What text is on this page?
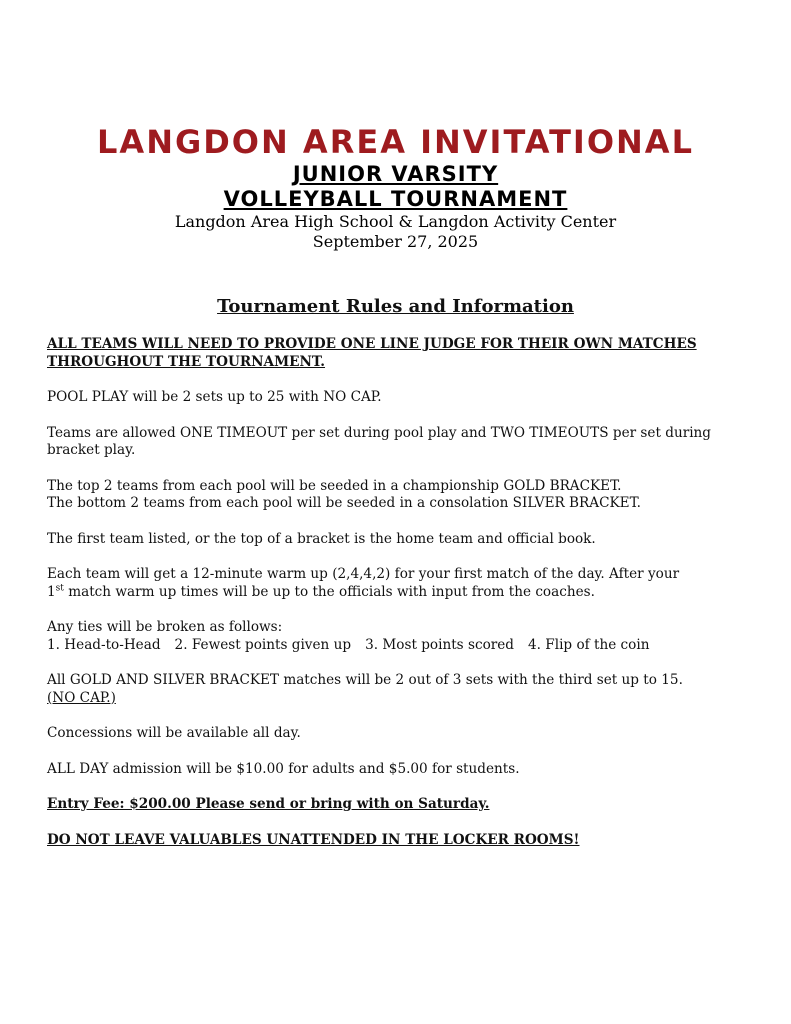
LANGDON AREA INVITATIONAL
JUNIOR VARSITY
VOLLEYBALL TOURNAMENT
Langdon Area High School & Langdon Activity Center
September 27, 2025
Tournament Rules and Information

ALL TEAMS WILL NEED TO PROVIDE ONE LINE JUDGE FOR THEIR OWN MATCHES THROUGHOUT THE TOURNAMENT.

POOL PLAY will be 2 sets up to 25 with NO CAP.

Teams are allowed ONE TIMEOUT per set during pool play and TWO TIMEOUTS per set during bracket play.

The top 2 teams from each pool will be seeded in a championship GOLD BRACKET.
The bottom 2 teams from each pool will be seeded in a consolation SILVER BRACKET.

The first team listed, or the top of a bracket is the home team and official book.

Each team will get a 12-minute warm up (2,4,4,2) for your first match of the day. After your
1st match warm up times will be up to the officials with input from the coaches.

Any ties will be broken as follows:
1. Head-to-Head 2. Fewest points given up 3. Most points scored 4. Flip of the coin

All GOLD AND SILVER BRACKET matches will be 2 out of 3 sets with the third set up to 15.
(NO CAP.)

Concessions will be available all day.

ALL DAY admission will be $10.00 for adults and $5.00 for students.

Entry Fee: $200.00 Please send or bring with on Saturday.

DO NOT LEAVE VALUABLES UNATTENDED IN THE LOCKER ROOMS!
